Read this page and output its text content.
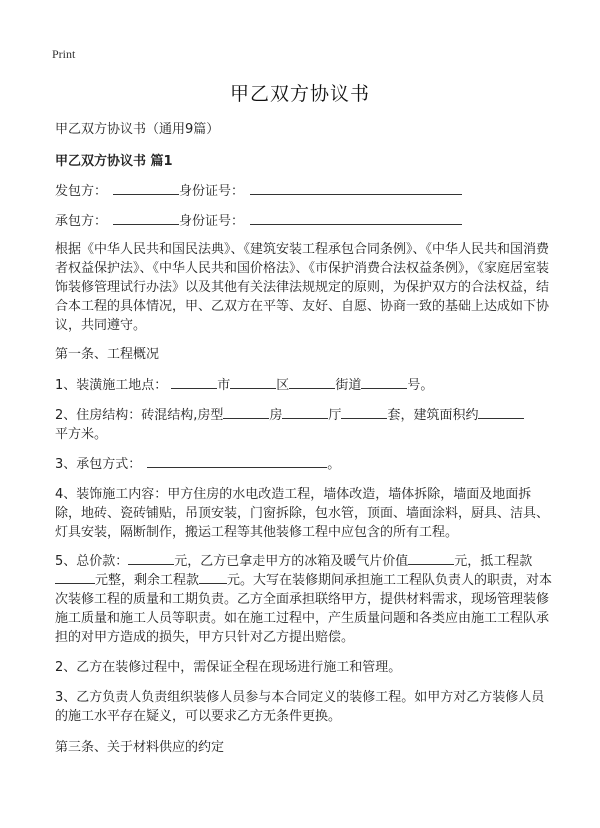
Print
甲乙双方协议书

甲乙双方协议书（通用9篇）

甲乙双方协议书 篇1

发包方：	身份证号：

承包方：	身份证号：

根据《中华人民共和国民法典》、《建筑安装工程承包合同条例》、《中华人民共和国消费者权益保护法》、《中华人民共和国价格法》、《市保护消费合法权益条例》，《家庭居室装饰装修管理试行办法》以及其他有关法律法规规定的原则，为保护双方的合法权益，结合本工程的具体情况，甲、乙双方在平等、友好、自愿、协商一致的基础上达成如下协议，共同遵守。

第一条、工程概况

1、装潢施工地点：	市	区	街道	号。

2、住房结构：砖混结构,房型	房	厅	套，建筑面积约
平方米。

3、承包方式：	。

4、装饰施工内容：甲方住房的水电改造工程，墙体改造，墙体拆除，墙面及地面拆除，地砖、瓷砖铺贴，吊顶安装，门窗拆除，包水管，顶面、墙面涂料，厨具、洁具、灯具安装，隔断制作，搬运工程等其他装修工程中应包含的所有工程。

5、总价款：	元，乙方已拿走甲方的冰箱及暖气片价值	元，抵工程款元整，剩余工程款 元。大写在装修期间承担施工工程队负责人的职责，对本次装修工程的质量和工期负责。乙方全面承担联络甲方，提供材料需求，现场管理装修施工质量和施工人员等职责。如在施工过程中，产生质量问题和各类应由施工工程队承担的对甲方造成的损失，甲方只针对乙方提出赔偿。

2、乙方在装修过程中，需保证全程在现场进行施工和管理。

3、乙方负责人负责组织装修人员参与本合同定义的装修工程。如甲方对乙方装修人员的施工水平存在疑义，可以要求乙方无条件更换。

第三条、关于材料供应的约定
